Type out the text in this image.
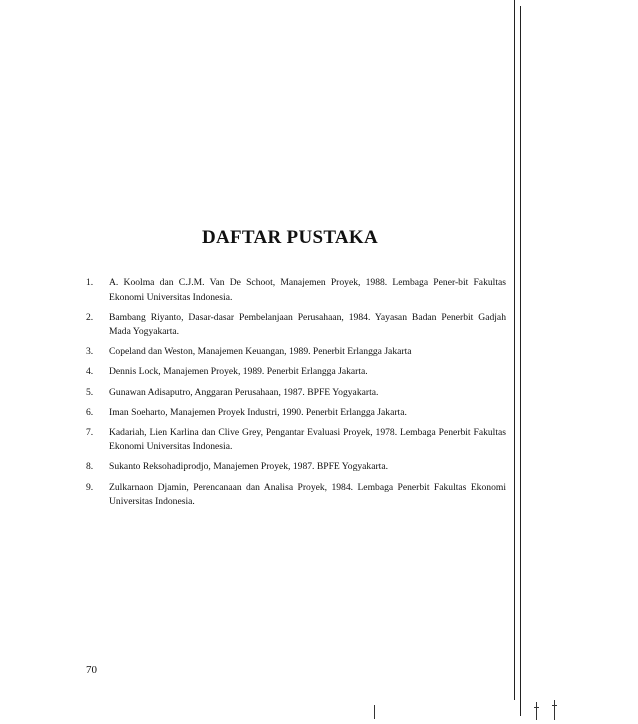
DAFTAR PUSTAKA
1. A. Koolma dan C.J.M. Van De Schoot, Manajemen Proyek, 1988. Lembaga Pener-bit Fakultas Ekonomi Universitas Indonesia.
2. Bambang Riyanto, Dasar-dasar Pembelanjaan Perusahaan, 1984. Yayasan Badan Penerbit Gadjah Mada Yogyakarta.
3. Copeland dan Weston, Manajemen Keuangan, 1989. Penerbit Erlangga Jakarta
4. Dennis Lock, Manajemen Proyek, 1989. Penerbit Erlangga Jakarta.
5. Gunawan Adisaputro, Anggaran Perusahaan, 1987. BPFE Yogyakarta.
6. Iman Soeharto, Manajemen Proyek Industri, 1990. Penerbit Erlangga Jakarta.
7. Kadariah, Lien Karlina dan Clive Grey, Pengantar Evaluasi Proyek, 1978. Lembaga Penerbit Fakultas Ekonomi Universitas Indonesia.
8. Sukanto Reksohadiprodjo, Manajemen Proyek, 1987. BPFE Yogyakarta.
9. Zulkarnaon Djamin, Perencanaan dan Analisa Proyek, 1984. Lembaga Penerbit Fakultas Ekonomi Universitas Indonesia.
70
